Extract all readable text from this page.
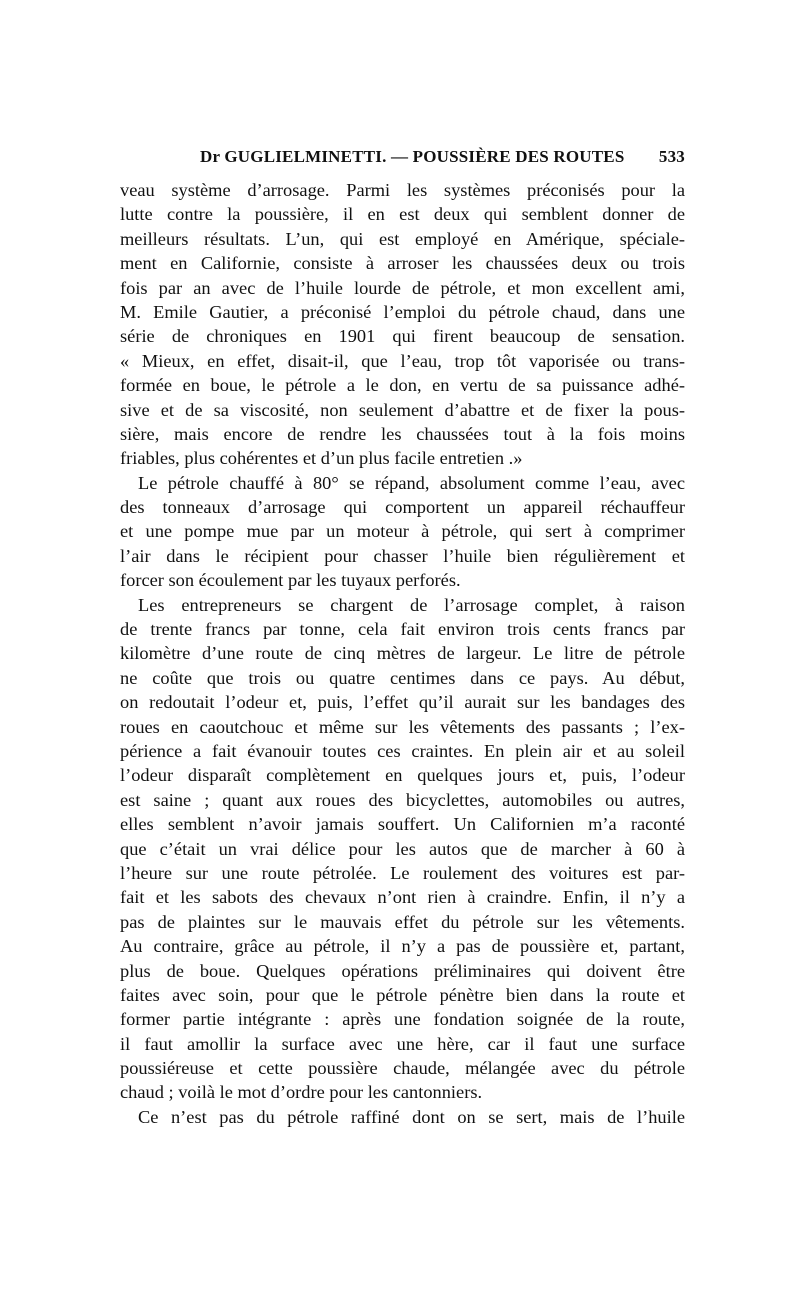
Dr GUGLIELMINETTI. — POUSSIÈRE DES ROUTES 533
veau système d’arrosage. Parmi les systèmes préconisés pour la
lutte contre la poussière, il en est deux qui semblent donner de
meilleurs résultats. L’un, qui est employé en Amérique, spéciale-
ment en Californie, consiste à arroser les chaussées deux ou trois
fois par an avec de l’huile lourde de pétrole, et mon excellent ami,
M. Emile Gautier, a préconisé l’emploi du pétrole chaud, dans une
série de chroniques en 1901 qui firent beaucoup de sensation.
« Mieux, en effet, disait-il, que l’eau, trop tôt vaporisée ou trans-
formée en boue, le pétrole a le don, en vertu de sa puissance adhé-
sive et de sa viscosité, non seulement d’abattre et de fixer la pous-
sière, mais encore de rendre les chaussées tout à la fois moins
friables, plus cohérentes et d’un plus facile entretien .»
Le pétrole chauffé à 80° se répand, absolument comme l’eau, avec
des tonneaux d’arrosage qui comportent un appareil réchauffeur
et une pompe mue par un moteur à pétrole, qui sert à comprimer
l’air dans le récipient pour chasser l’huile bien régulièrement et
forcer son écoulement par les tuyaux perforés.
Les entrepreneurs se chargent de l’arrosage complet, à raison
de trente francs par tonne, cela fait environ trois cents francs par
kilomètre d’une route de cinq mètres de largeur. Le litre de pétrole
ne coûte que trois ou quatre centimes dans ce pays. Au début,
on redoutait l’odeur et, puis, l’effet qu’il aurait sur les bandages des
roues en caoutchouc et même sur les vêtements des passants ; l’ex-
périence a fait évanouir toutes ces craintes. En plein air et au soleil
l’odeur disparaît complètement en quelques jours et, puis, l’odeur
est saine ; quant aux roues des bicyclettes, automobiles ou autres,
elles semblent n’avoir jamais souffert. Un Californien m’a raconté
que c’était un vrai délice pour les autos que de marcher à 60 à
l’heure sur une route pétrolée. Le roulement des voitures est par-
fait et les sabots des chevaux n’ont rien à craindre. Enfin, il n’y a
pas de plaintes sur le mauvais effet du pétrole sur les vêtements.
Au contraire, grâce au pétrole, il n’y a pas de poussière et, partant,
plus de boue. Quelques opérations préliminaires qui doivent être
faites avec soin, pour que le pétrole pénètre bien dans la route et
former partie intégrante : après une fondation soignée de la route,
il faut amollir la surface avec une hère, car il faut une surface
poussiéreuse et cette poussière chaude, mélangée avec du pétrole
chaud ; voilà le mot d’ordre pour les cantonniers.
Ce n’est pas du pétrole raffiné dont on se sert, mais de l’huile
